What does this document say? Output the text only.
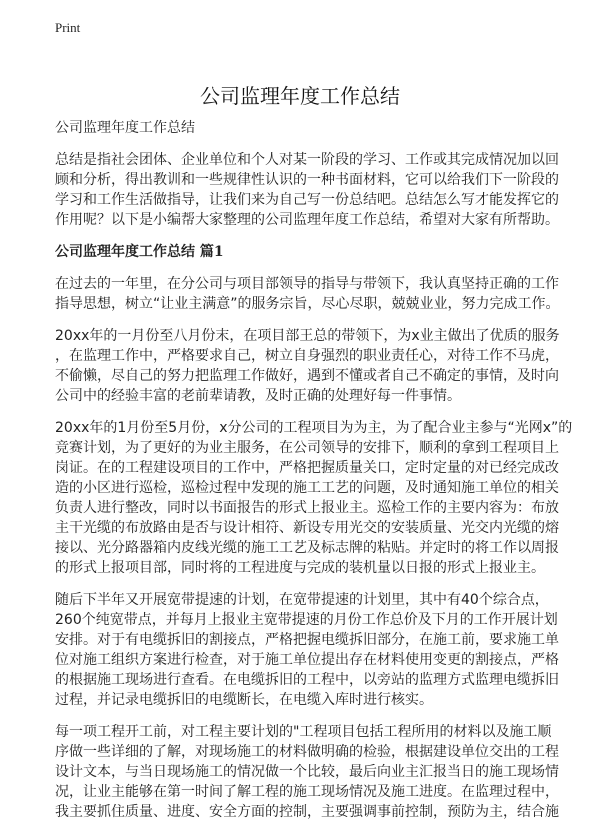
Print
公司监理年度工作总结

公司监理年度工作总结

总结是指社会团体、企业单位和个人对某一阶段的学习、工作或其完成情况加以回
顾和分析，得出教训和一些规律性认识的一种书面材料，它可以给我们下一阶段的
学习和工作生活做指导，让我们来为自己写一份总结吧。总结怎么写才能发挥它的
作用呢？以下是小编帮大家整理的公司监理年度工作总结，希望对大家有所帮助。

公司监理年度工作总结 篇1

在过去的一年里，在分公司与项目部领导的指导与带领下，我认真坚持正确的工作
指导思想，树立“让业主满意”的服务宗旨，尽心尽职，兢兢业业，努力完成工作。

20xx年的一月份至八月份末，在项目部王总的带领下，为x业主做出了优质的服务
，在监理工作中，严格要求自己，树立自身强烈的职业责任心，对待工作不马虎，
不偷懒，尽自己的努力把监理工作做好，遇到不懂或者自己不确定的事情，及时向
公司中的经验丰富的老前辈请教，及时正确的处理好每一件事情。

20xx年的1月份至5月份，x分公司的工程项目为为主，为了配合业主参与“光网x”的
竞赛计划，为了更好的为业主服务，在公司领导的安排下，顺利的拿到工程项目上
岗证。在的工程建设项目的工作中，严格把握质量关口，定时定量的对已经完成改
造的小区进行巡检，巡检过程中发现的施工工艺的问题，及时通知施工单位的相关
负责人进行整改，同时以书面报告的形式上报业主。巡检工作的主要内容为：布放
主干光缆的布放路由是否与设计相符、新设专用光交的安装质量、光交内光缆的熔
接以、光分路器箱内皮线光缆的施工工艺及标志牌的粘贴。并定时的将工作以周报
的形式上报项目部，同时将的工程进度与完成的装机量以日报的形式上报业主。

随后下半年又开展宽带提速的计划，在宽带提速的计划里，其中有40个综合点，
260个纯宽带点，并每月上报业主宽带提速的月份工作总价及下月的工作开展计划
安排。对于有电缆拆旧的割接点，严格把握电缆拆旧部分，在施工前，要求施工单
位对施工组织方案进行检查，对于施工单位提出存在材料使用变更的割接点，严格
的根据施工现场进行查看。在电缆拆旧的工程中，以旁站的监理方式监理电缆拆旧
过程，并记录电缆拆旧的电缆断长，在电缆入库时进行核实。

每一项工程开工前，对工程主要计划的"工程项目包括工程所用的材料以及施工顺
序做一些详细的了解，对现场施工的材料做明确的检验，根据建设单位交出的工程
设计文本，与当日现场施工的情况做一个比较，最后向业主汇报当日的施工现场情
况，让业主能够在第一时间了解工程的施工现场情况及施工进度。在监理过程中，
我主要抓住质量、进度、安全方面的控制，主要强调事前控制，预防为主，结合施
